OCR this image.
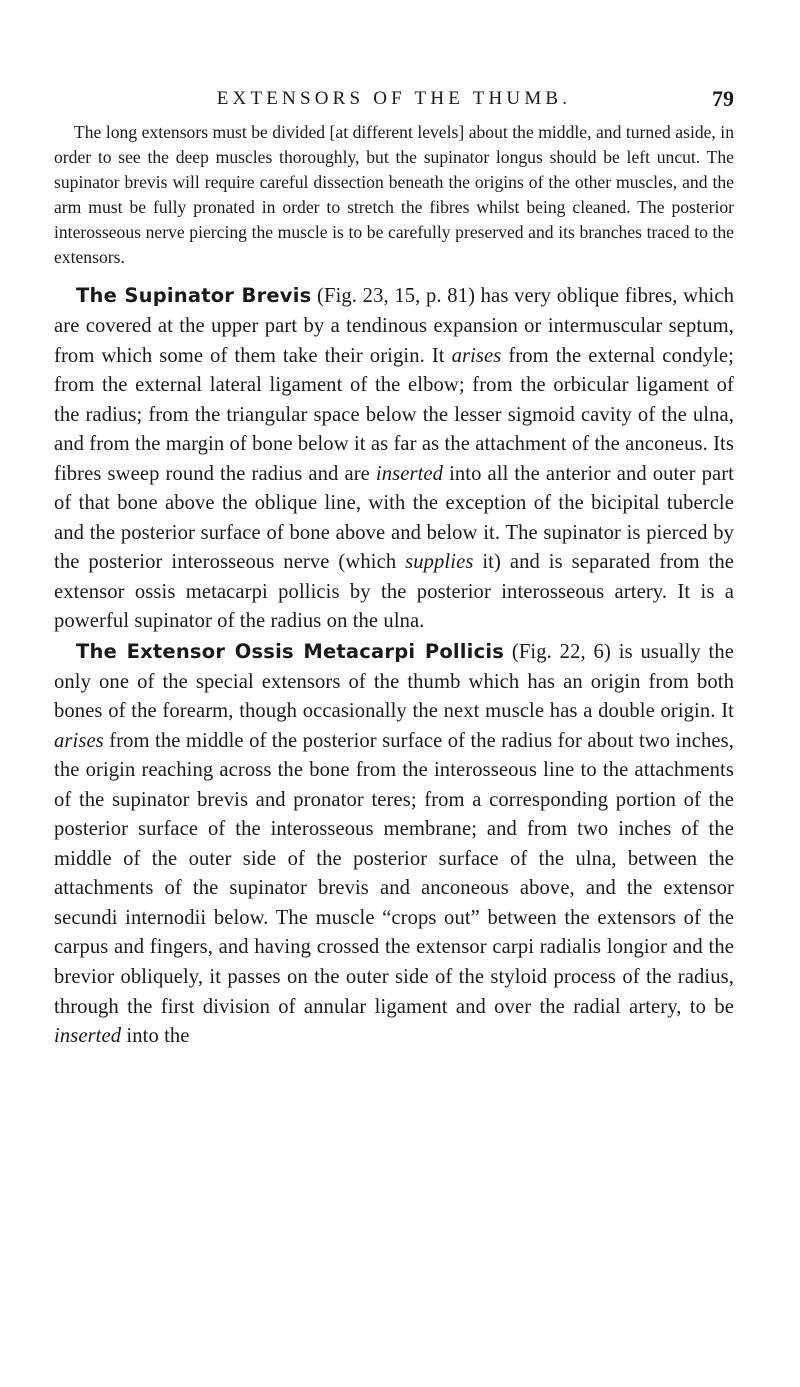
EXTENSORS OF THE THUMB.	79

The long extensors must be divided [at different levels] about the middle, and turned aside, in order to see the deep muscles thoroughly, but the supinator longus should be left uncut. The supinator brevis will require careful dissection beneath the origins of the other muscles, and the arm must be fully pronated in order to stretch the fibres whilst being cleaned. The posterior interosseous nerve piercing the muscle is to be carefully preserved and its branches traced to the extensors.

The Supinator Brevis (Fig. 23, 15, p. 81) has very oblique fibres, which are covered at the upper part by a tendinous expansion or intermuscular septum, from which some of them take their origin. It arises from the external condyle; from the external lateral ligament of the elbow; from the orbicular ligament of the radius; from the triangular space below the lesser sigmoid cavity of the ulna, and from the margin of bone below it as far as the attachment of the anconeus. Its fibres sweep round the radius and are inserted into all the anterior and outer part of that bone above the oblique line, with the exception of the bicipital tubercle and the posterior surface of bone above and below it. The supinator is pierced by the posterior interosseous nerve (which supplies it) and is separated from the extensor ossis metacarpi pollicis by the posterior interosseous artery. It is a powerful supinator of the radius on the ulna.

The Extensor Ossis Metacarpi Pollicis (Fig. 22, 6) is usually the only one of the special extensors of the thumb which has an origin from both bones of the forearm, though occasionally the next muscle has a double origin. It arises from the middle of the posterior surface of the radius for about two inches, the origin reaching across the bone from the interosseous line to the attachments of the supinator brevis and pronator teres; from a corresponding portion of the posterior surface of the interosseous membrane; and from two inches of the middle of the outer side of the posterior surface of the ulna, between the attachments of the supinator brevis and anconeous above, and the extensor secundi internodii below. The muscle “crops out” between the extensors of the carpus and fingers, and having crossed the extensor carpi radialis longior and the brevior obliquely, it passes on the outer side of the styloid process of the radius, through the first division of annular ligament and over the radial artery, to be inserted into the
